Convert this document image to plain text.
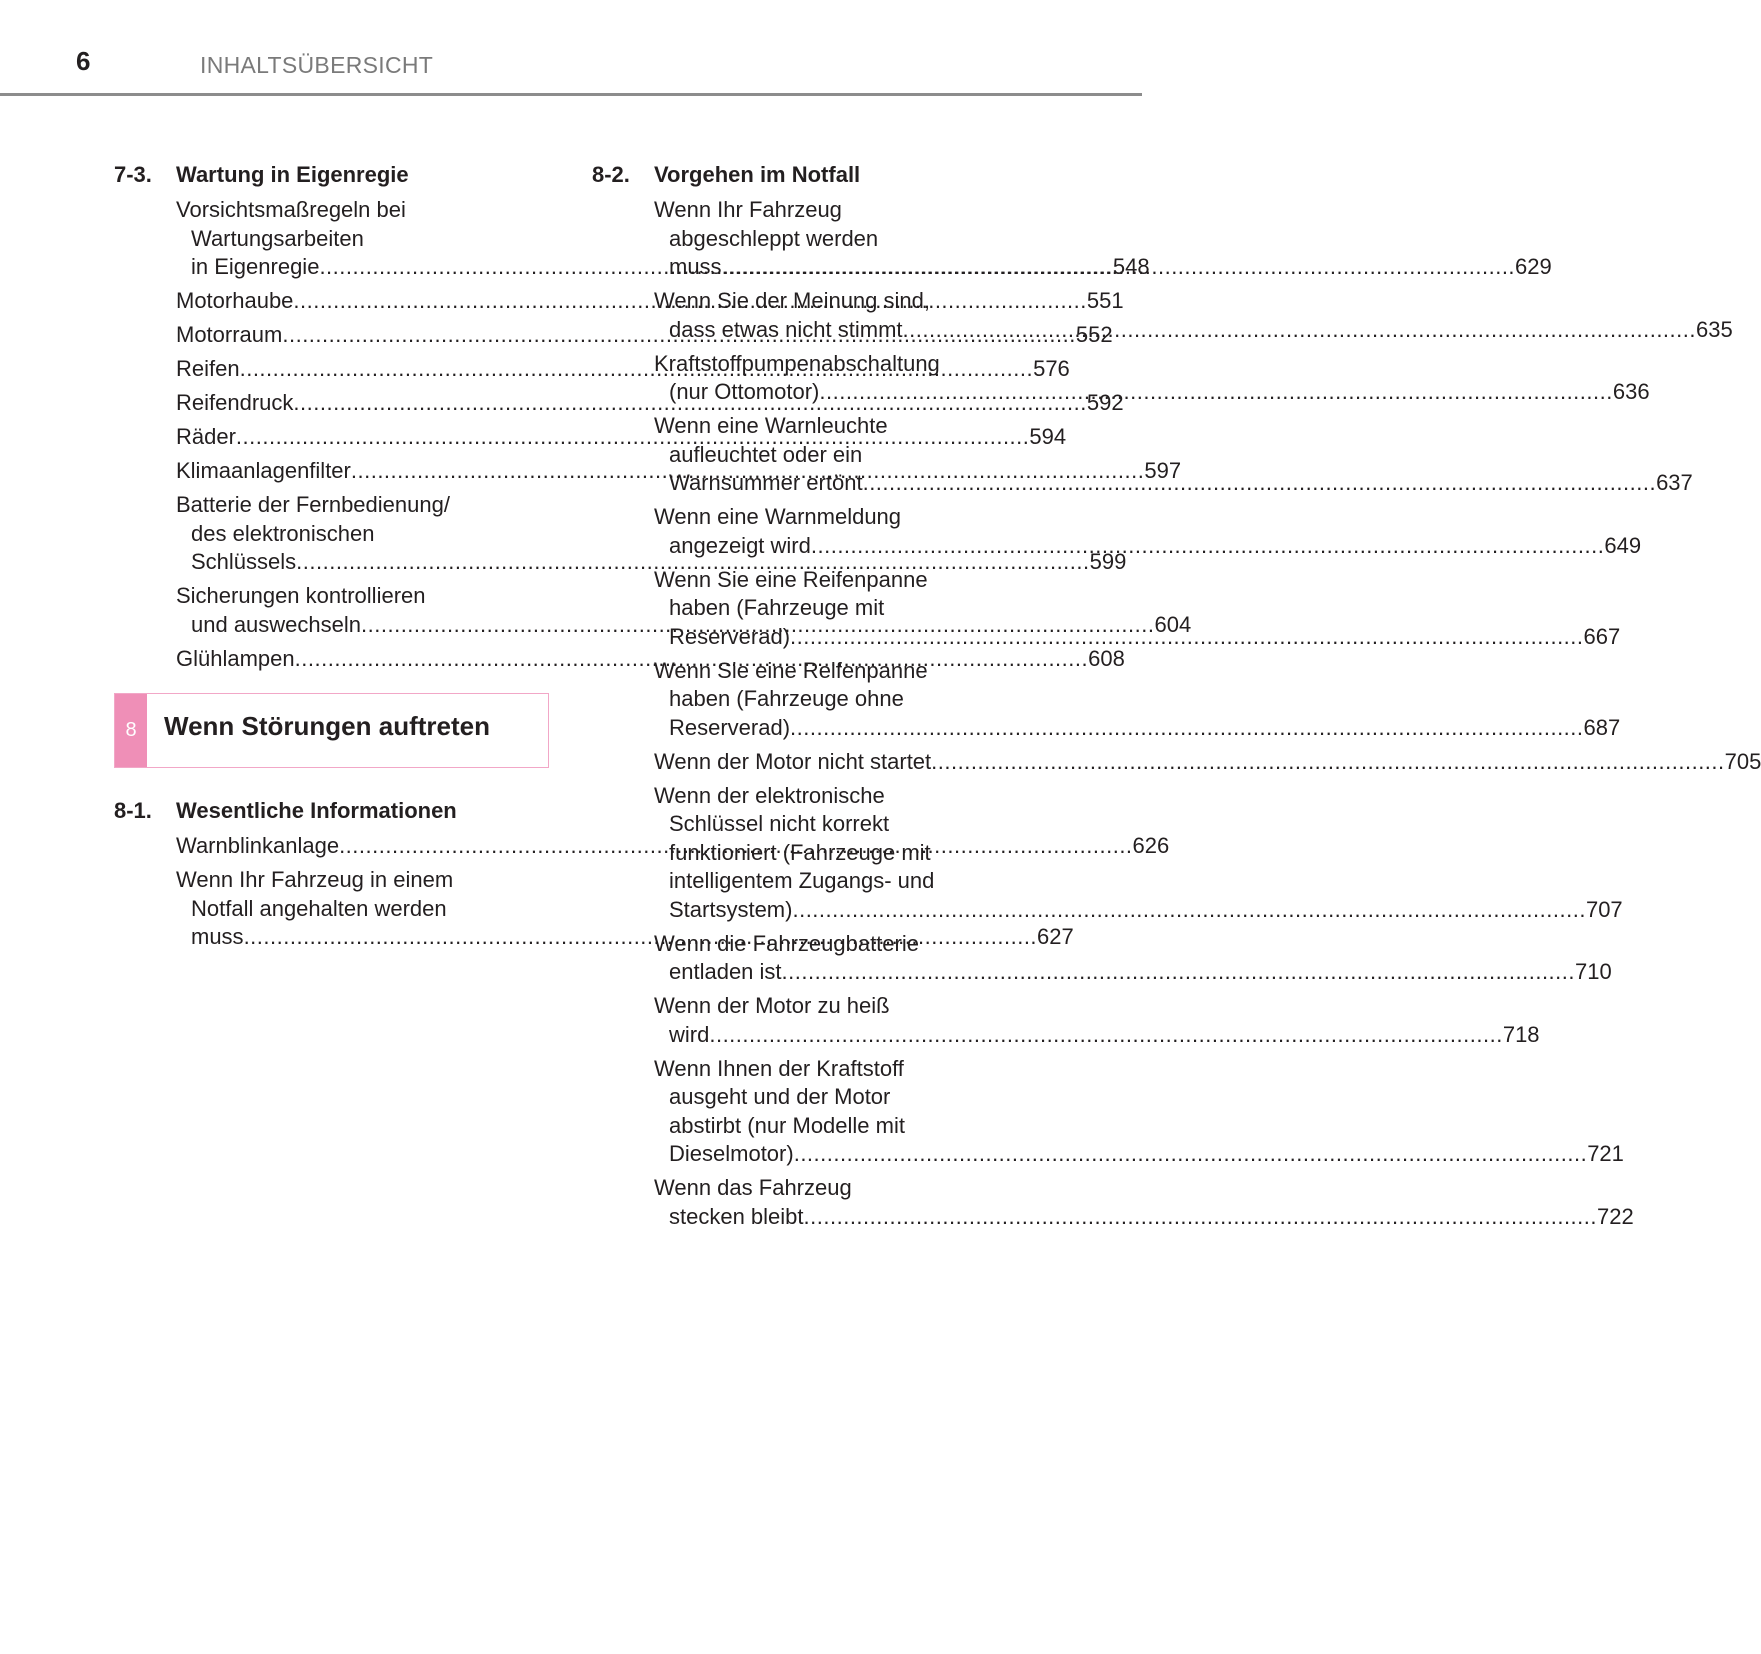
6	INHALTSÜBERSICHT
7-3. Wartung in Eigenregie
Vorsichtsmaßregeln bei
Wartungsarbeiten
in Eigenregie .....	548
Motorhaube .....	551
Motorraum .....	552
Reifen .....	576
Reifendruck .....	592
Räder .....	594
Klimaanlagenfilter .....	597
Batterie der Fernbedienung/
des elektronischen
Schlüssels .....	599
Sicherungen kontrollieren
und auswechseln .....	604
Glühlampen .....	608
8-1. Wesentliche Informationen
Warnblinkanlage .....	626
Wenn Ihr Fahrzeug in einem
Notfall angehalten werden
muss .....	627
8	Wenn Störungen auftreten
8-2. Vorgehen im Notfall
Wenn Ihr Fahrzeug
abgeschleppt werden
muss .....	629
Wenn Sie der Meinung sind,
dass etwas nicht stimmt .....	635
Kraftstoffpumpenabschaltung
(nur Ottomotor) .....	636
Wenn eine Warnleuchte
aufleuchtet oder ein
Warnsummer ertönt .....	637
Wenn eine Warnmeldung
angezeigt wird .....	649
Wenn Sie eine Reifenpanne
haben (Fahrzeuge mit
Reserverad) .....	667
Wenn Sie eine Reifenpanne
haben (Fahrzeuge ohne
Reserverad) .....	687
Wenn der Motor nicht startet .....	705
Wenn der elektronische
Schlüssel nicht korrekt
funktioniert (Fahrzeuge mit
intelligentem Zugangs- und
Startsystem) .....	707
Wenn die Fahrzeugbatterie
entladen ist .....	710
Wenn der Motor zu heiß
wird .....	718
Wenn Ihnen der Kraftstoff
ausgeht und der Motor
abstirbt (nur Modelle mit
Dieselmotor) .....	721
Wenn das Fahrzeug
stecken bleibt .....	722
